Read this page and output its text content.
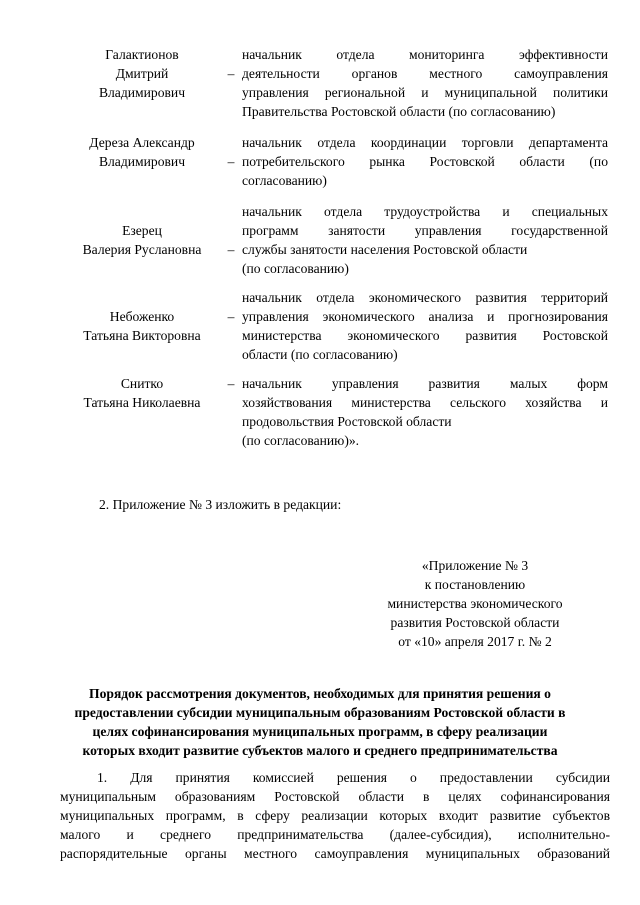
Галактионов
Дмитрий
Владимирович
–
начальник отдела мониторинга эффективности
деятельности органов местного самоуправления
управления региональной и муниципальной политики
Правительства Ростовской области (по согласованию)
Дереза Александр
Владимирович	–
начальник отдела координации торговли департамента
потребительского рынка Ростовской области (по
согласованию)
Езерец
Валерия Руслановна	–
начальник отдела трудоустройства и специальных
программ занятости управления государственной
службы занятости населения Ростовской области
(по согласованию)
Небоженко
Татьяна Викторовна
–
начальник отдела экономического развития территорий
управления экономического анализа и прогнозирования
министерства экономического развития Ростовской
области (по согласованию)
Снитко
Татьяна Николаевна
– начальник управления развития малых форм
хозяйствования министерства сельского хозяйства и
продовольствия Ростовской области
(по согласованию)».
2. Приложение № 3 изложить в редакции:
«Приложение № 3
к постановлению
министерства экономического
развития Ростовской области
от «10» апреля 2017 г. № 2
Порядок рассмотрения документов, необходимых для принятия решения о
предоставлении субсидии муниципальным образованиям Ростовской области в
целях софинансирования муниципальных программ, в сферу реализации
которых входит развитие субъектов малого и среднего предпринимательства
1. Для принятия комиссией решения о предоставлении субсидии
муниципальным образованиям Ростовской области в целях софинансирования
муниципальных программ, в сферу реализации которых входит развитие субъектов
малого и среднего предпринимательства (далее-субсидия), исполнительно-
распорядительные органы местного самоуправления муниципальных образований
